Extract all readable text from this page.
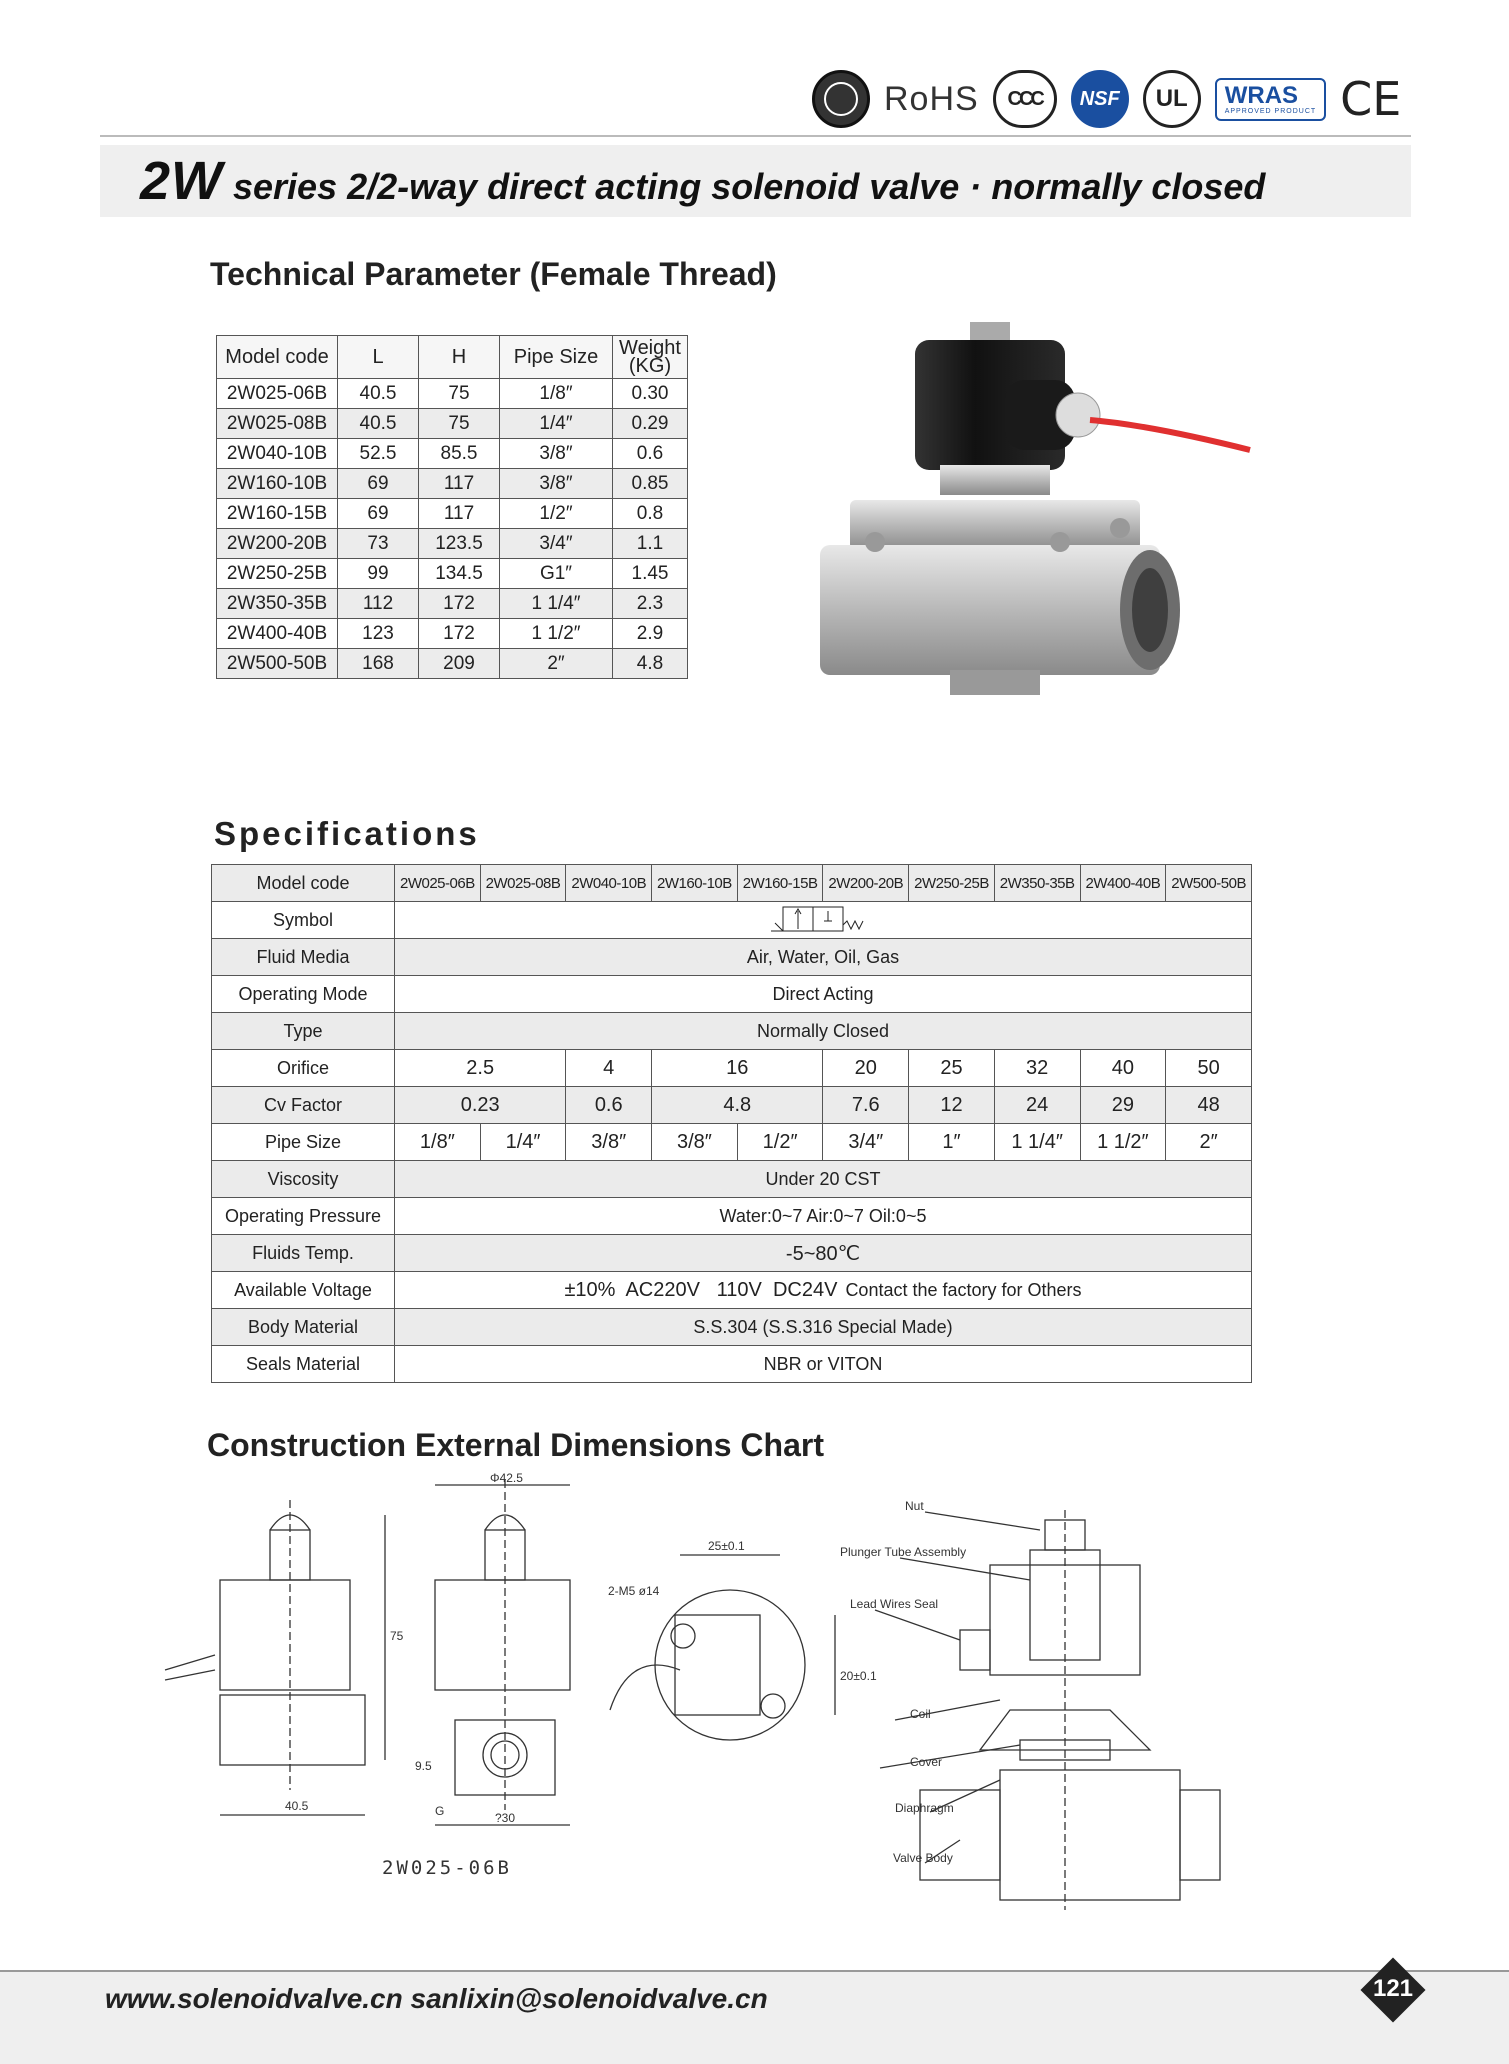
RoHS CCC NSF UL	WRAS
APPROVED PRODUCT CE
2W series 2/2-way direct acting solenoid valve · normally closed
Technical Parameter (Female Thread)
Model code	L	H	Pipe Size	Weight (KG)
2W025-06B	40.5	75	1/8″	0.30
2W025-08B	40.5	75	1/4″	0.29
2W040-10B	52.5	85.5	3/8″	0.6
2W160-10B	69	117	3/8″	0.85
2W160-15B	69	117	1/2″	0.8
2W200-20B	73	123.5	3/4″	1.1
2W250-25B	99	134.5	G1″	1.45
2W350-35B	112	172	1 1/4″	2.3
2W400-40B	123	172	1 1/2″	2.9
2W500-50B	168	209	2″	4.8
Specifications
Model code	2W025-06B	2W025-08B	2W040-10B	2W160-10B	2W160-15B	2W200-20B	2W250-25B	2W350-35B	2W400-40B	2W500-50B
Symbol	
Fluid Media	Air, Water, Oil, Gas									
Operating Mode	Direct Acting									
Type	Normally Closed									
Orifice	2.5		4	16		20	25	32	40	50
Cv Factor	0.23		0.6	4.8		7.6	12	24	29	48
Pipe Size	1/8″	1/4″	3/8″	3/8″	1/2″	3/4″	1″	1 1/4″	1 1/2″	2″
Viscosity	Under 20 CST									
Operating Pressure	Water:0~7 Air:0~7 Oil:0~5									
Fluids Temp.	-5~80℃									
Available Voltage	±10%  AC220V   110V  DC24V Contact the factory for Others									
Body Material	S.S.304 (S.S.316 Special Made)									
Seals Material	NBR or VITON									
Construction External Dimensions Chart
40.5
75
Φ42.5
9.5
G	?30
25±0.1
2-M5 ø14
20±0.1
Nut
Plunger Tube Assembly
Lead Wires Seal
Coil
Cover
Diaphragm
Valve Body
2W025-06B
www.solenoidvalve.cn sanlixin@solenoidvalve.cn	121
